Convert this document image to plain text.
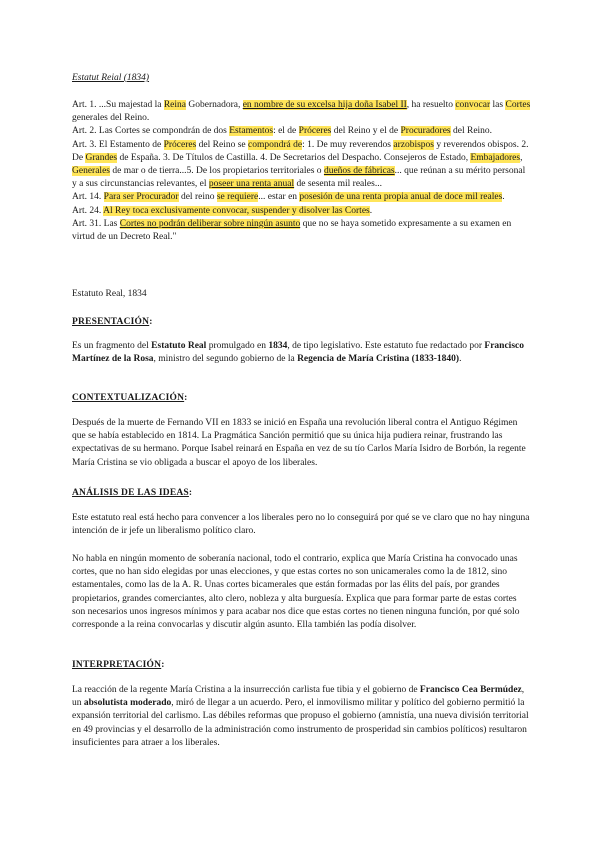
Estatut Reial (1834)
Art. 1. ...Su majestad la Reina Gobernadora, en nombre de su excelsa hija doña Isabel II, ha resuelto convocar las Cortes generales del Reino.
Art. 2. Las Cortes se compondrán de dos Estamentos: el de Próceres del Reino y el de Procuradores del Reino.
Art. 3. El Estamento de Próceres del Reino se compondrá de: 1. De muy reverendos arzobispos y reverendos obispos. 2. De Grandes de España. 3. De Títulos de Castilla. 4. De Secretarios del Despacho. Consejeros de Estado, Embajadores, Generales de mar o de tierra...5. De los propietarios territoriales o dueños de fábricas... que reúnan a su mérito personal y a sus circunstancias relevantes, el poseer una renta anual de sesenta mil reales...
Art. 14. Para ser Procurador del reino se requiere... estar en posesión de una renta propia anual de doce mil reales.
Art. 24. Al Rey toca exclusivamente convocar, suspender y disolver las Cortes.
Art. 31. Las Cortes no podrán deliberar sobre ningún asunto que no se haya sometido expresamente a su examen en virtud de un Decreto Real."
Estatuto Real, 1834
PRESENTACIÓN:
Es un fragmento del Estatuto Real promulgado en 1834, de tipo legislativo. Este estatuto fue redactado por Francisco Martínez de la Rosa, ministro del segundo gobierno de la Regencia de María Cristina (1833-1840).
CONTEXTUALIZACIÓN:
Después de la muerte de Fernando VII en 1833 se inició en España una revolución liberal contra el Antiguo Régimen que se había establecido en 1814. La Pragmática Sanción permitió que su única hija pudiera reinar, frustrando las expectativas de su hermano. Porque Isabel reinará en España en vez de su tío Carlos María Isidro de Borbón, la regente María Cristina se vio obligada a buscar el apoyo de los liberales.
ANÁLISIS DE LAS IDEAS:
Este estatuto real está hecho para convencer a los liberales pero no lo conseguirá por qué se ve claro que no hay ninguna intención de ir jefe un liberalismo político claro.
No habla en ningún momento de soberanía nacional, todo el contrario, explica que María Cristina ha convocado unas cortes, que no han sido elegidas por unas elecciones, y que estas cortes no son unicamerales como la de 1812, sino estamentales, como las de la A. R. Unas cortes bicamerales que están formadas por las élits del país, por grandes propietarios, grandes comerciantes, alto clero, nobleza y alta burguesía. Explica que para formar parte de estas cortes son necesarios unos ingresos mínimos y para acabar nos dice que estas cortes no tienen ninguna función, por qué solo corresponde a la reina convocarlas y discutir algún asunto. Ella también las podía disolver.
INTERPRETACIÓN:
La reacción de la regente María Cristina a la insurrección carlista fue tibia y el gobierno de Francisco Cea Bermúdez, un absolutista moderado, miró de llegar a un acuerdo. Pero, el inmovilismo militar y político del gobierno permitió la expansión territorial del carlismo. Las débiles reformas que propuso el gobierno (amnistía, una nueva división territorial en 49 provincias y el desarrollo de la administración como instrumento de prosperidad sin cambios políticos) resultaron insuficientes para atraer a los liberales.
